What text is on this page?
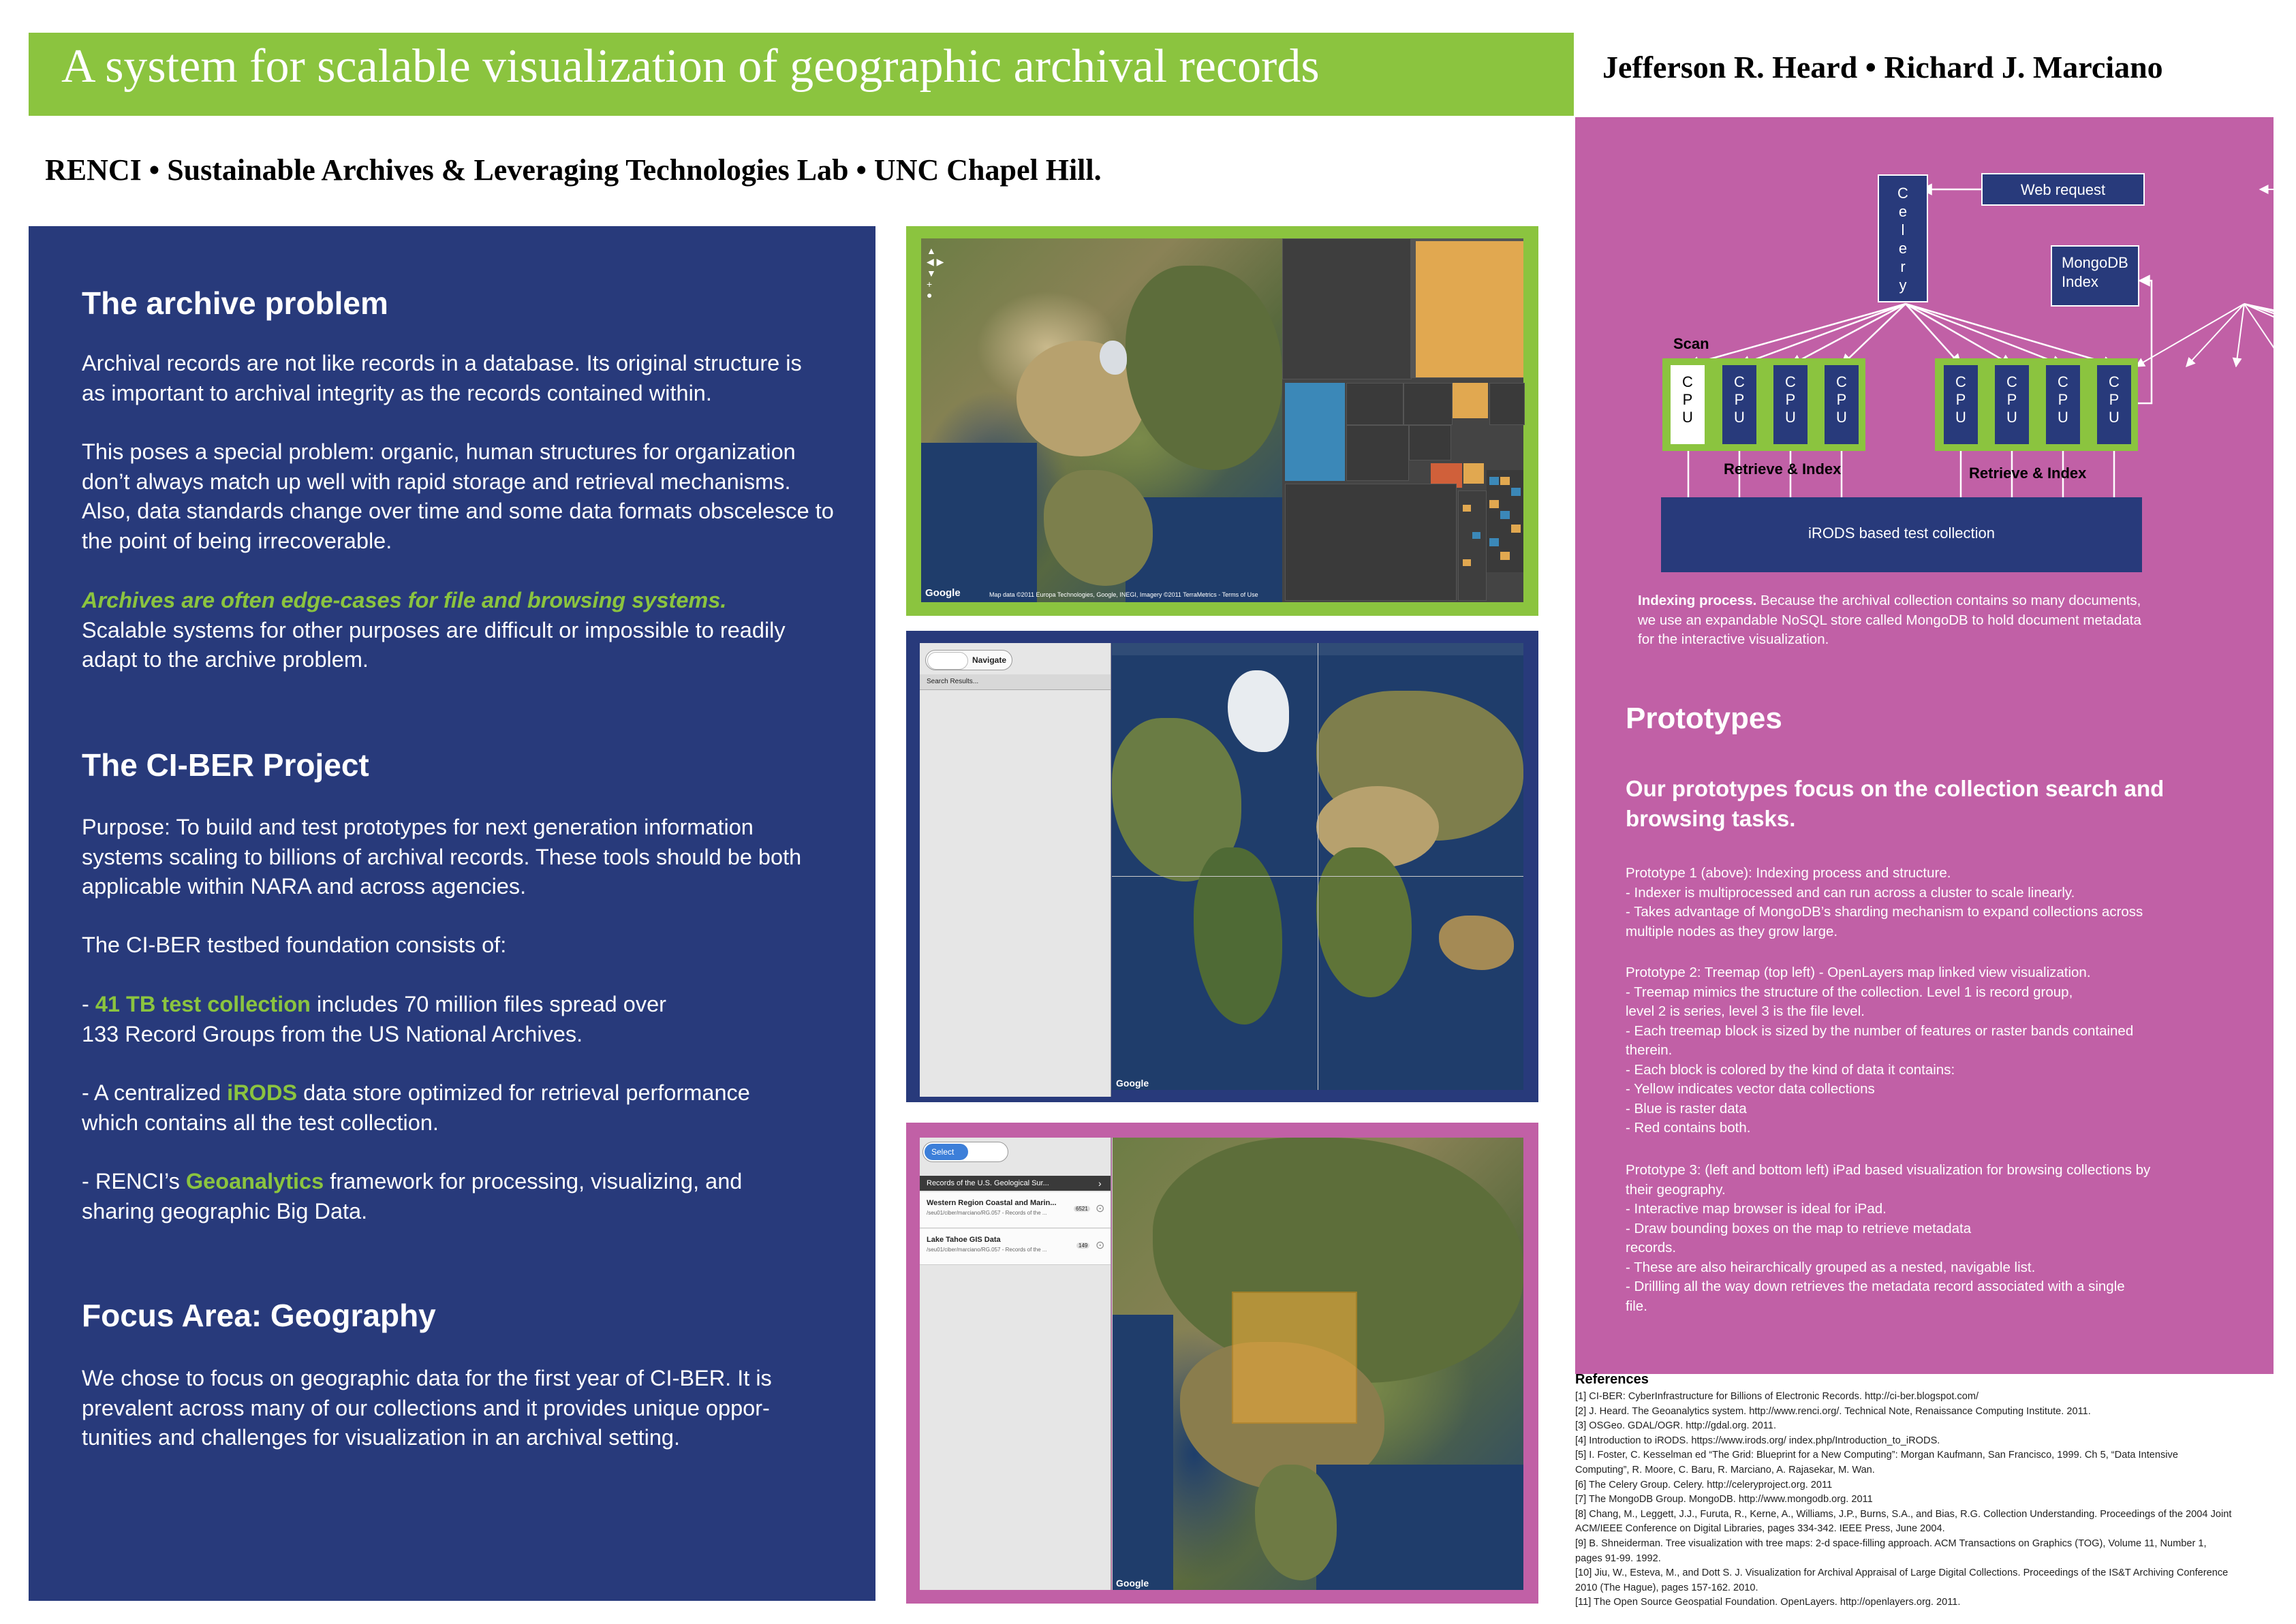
A system for scalable visualization of geographic archival records	Jefferson R. Heard • Richard J. Marciano
RENCI • Sustainable Archives & Leveraging Technologies Lab • UNC Chapel Hill.
The archive problem

Archival records are not like records in a database. Its original structure is
as important to archival integrity as the records contained within.

This poses a special problem: organic, human structures for organization
don’t always match up well with rapid storage and retrieval mechanisms.
Also, data standards change over time and some data formats obscelesce to
the point of being irrecoverable.

Archives are often edge-cases for file and browsing systems.
Scalable systems for other purposes are difficult or impossible to readily
adapt to the archive problem.

The CI-BER Project

Purpose: To build and test prototypes for next generation information
systems scaling to billions of archival records. These tools should be both
applicable within NARA and across agencies.

The CI-BER testbed foundation consists of:

- 41 TB test collection includes 70 million files spread over
133 Record Groups from the US National Archives.

- A centralized iRODS data store optimized for retrieval performance
which contains all the test collection.

- RENCI’s Geoanalytics framework for processing, visualizing, and
sharing geographic Big Data.

Focus Area: Geography

We chose to focus on geographic data for the first year of CI-BER. It is
prevalent across many of our collections and it provides unique oppor-
tunities and challenges for visualization in an archival setting.

▲
◀ ▶
▼
+
●
Google	Map data ©2011 Europa Technologies, Google, INEGI, Imagery ©2011 TerraMetrics - Terms of Use
Navigate
Search Results...
Google
Select
Records of the U.S. Geological Sur...	›
Western Region Coastal and Marin...
/seu01/ciber/marciano/RG.057 - Records of the ...
6521 ⊙
Lake Tahoe GIS Data
/seu01/ciber/marciano/RG.057 - Records of the ...
149 ⊙
Google
C
e
l
e
r
y
Web request
MongoDB
Index
Scan
C
P
U
C
P
U
C
P
U
C
P
U
C
P
U
C
P
U
C
P
U
C
P
U
Retrieve & Index	Retrieve & Index
iRODS based test collection

Indexing process. Because the archival collection contains so many documents,
we use an expandable NoSQL store called MongoDB to hold document metadata
for the interactive visualization.

Prototypes

Our prototypes focus on the collection search and browsing tasks.

Prototype 1 (above): Indexing process and structure.
- Indexer is multiprocessed and can run across a cluster to scale linearly.
- Takes advantage of MongoDB’s sharding mechanism to expand collections across
multiple nodes as they grow large.

Prototype 2: Treemap (top left) - OpenLayers map linked view visualization.
- Treemap mimics the structure of the collection. Level 1 is record group,
level 2 is series, level 3 is the file level.
- Each treemap block is sized by the number of features or raster bands contained
therein.
- Each block is colored by the kind of data it contains:
- Yellow indicates vector data collections
- Blue is raster data
- Red contains both.

Prototype 3: (left and bottom left) iPad based visualization for browsing collections by
their geography.
- Interactive map browser is ideal for iPad.
- Draw bounding boxes on the map to retrieve metadata
records.
- These are also heirarchically grouped as a nested, navigable list.
- Drillling all the way down retrieves the metadata record associated with a single
file.

References
[1] CI-BER: CyberInfrastructure for Billions of Electronic Records. http://ci-ber.blogspot.com/
[2] J. Heard. The Geoanalytics system. http://www.renci.org/. Technical Note, Renaissance Computing Institute. 2011.
[3] OSGeo. GDAL/OGR. http://gdal.org. 2011.
[4] Introduction to iRODS. https://www.irods.org/ index.php/Introduction_to_iRODS.
[5] I. Foster, C. Kesselman ed “The Grid: Blueprint for a New Computing”: Morgan Kaufmann, San Francisco, 1999. Ch 5, “Data Intensive
Computing”, R. Moore, C. Baru, R. Marciano, A. Rajasekar, M. Wan.
[6] The Celery Group. Celery. http://celeryproject.org. 2011
[7] The MongoDB Group. MongoDB. http://www.mongodb.org. 2011
[8] Chang, M., Leggett, J.J., Furuta, R., Kerne, A., Williams, J.P., Burns, S.A., and Bias, R.G. Collection Understanding. Proceedings of the 2004 Joint
ACM/IEEE Conference on Digital Libraries, pages 334-342. IEEE Press, June 2004.
[9] B. Shneiderman. Tree visualization with tree maps: 2-d space-filling approach. ACM Transactions on Graphics (TOG), Volume 11, Number 1,
pages 91-99. 1992.
[10] Jiu, W., Esteva, M., and Dott S. J. Visualization for Archival Appraisal of Large Digital Collections. Proceedings of the IS&T Archiving Conference
2010 (The Hague), pages 157-162. 2010.
[11] The Open Source Geospatial Foundation. OpenLayers. http://openlayers.org. 2011.
